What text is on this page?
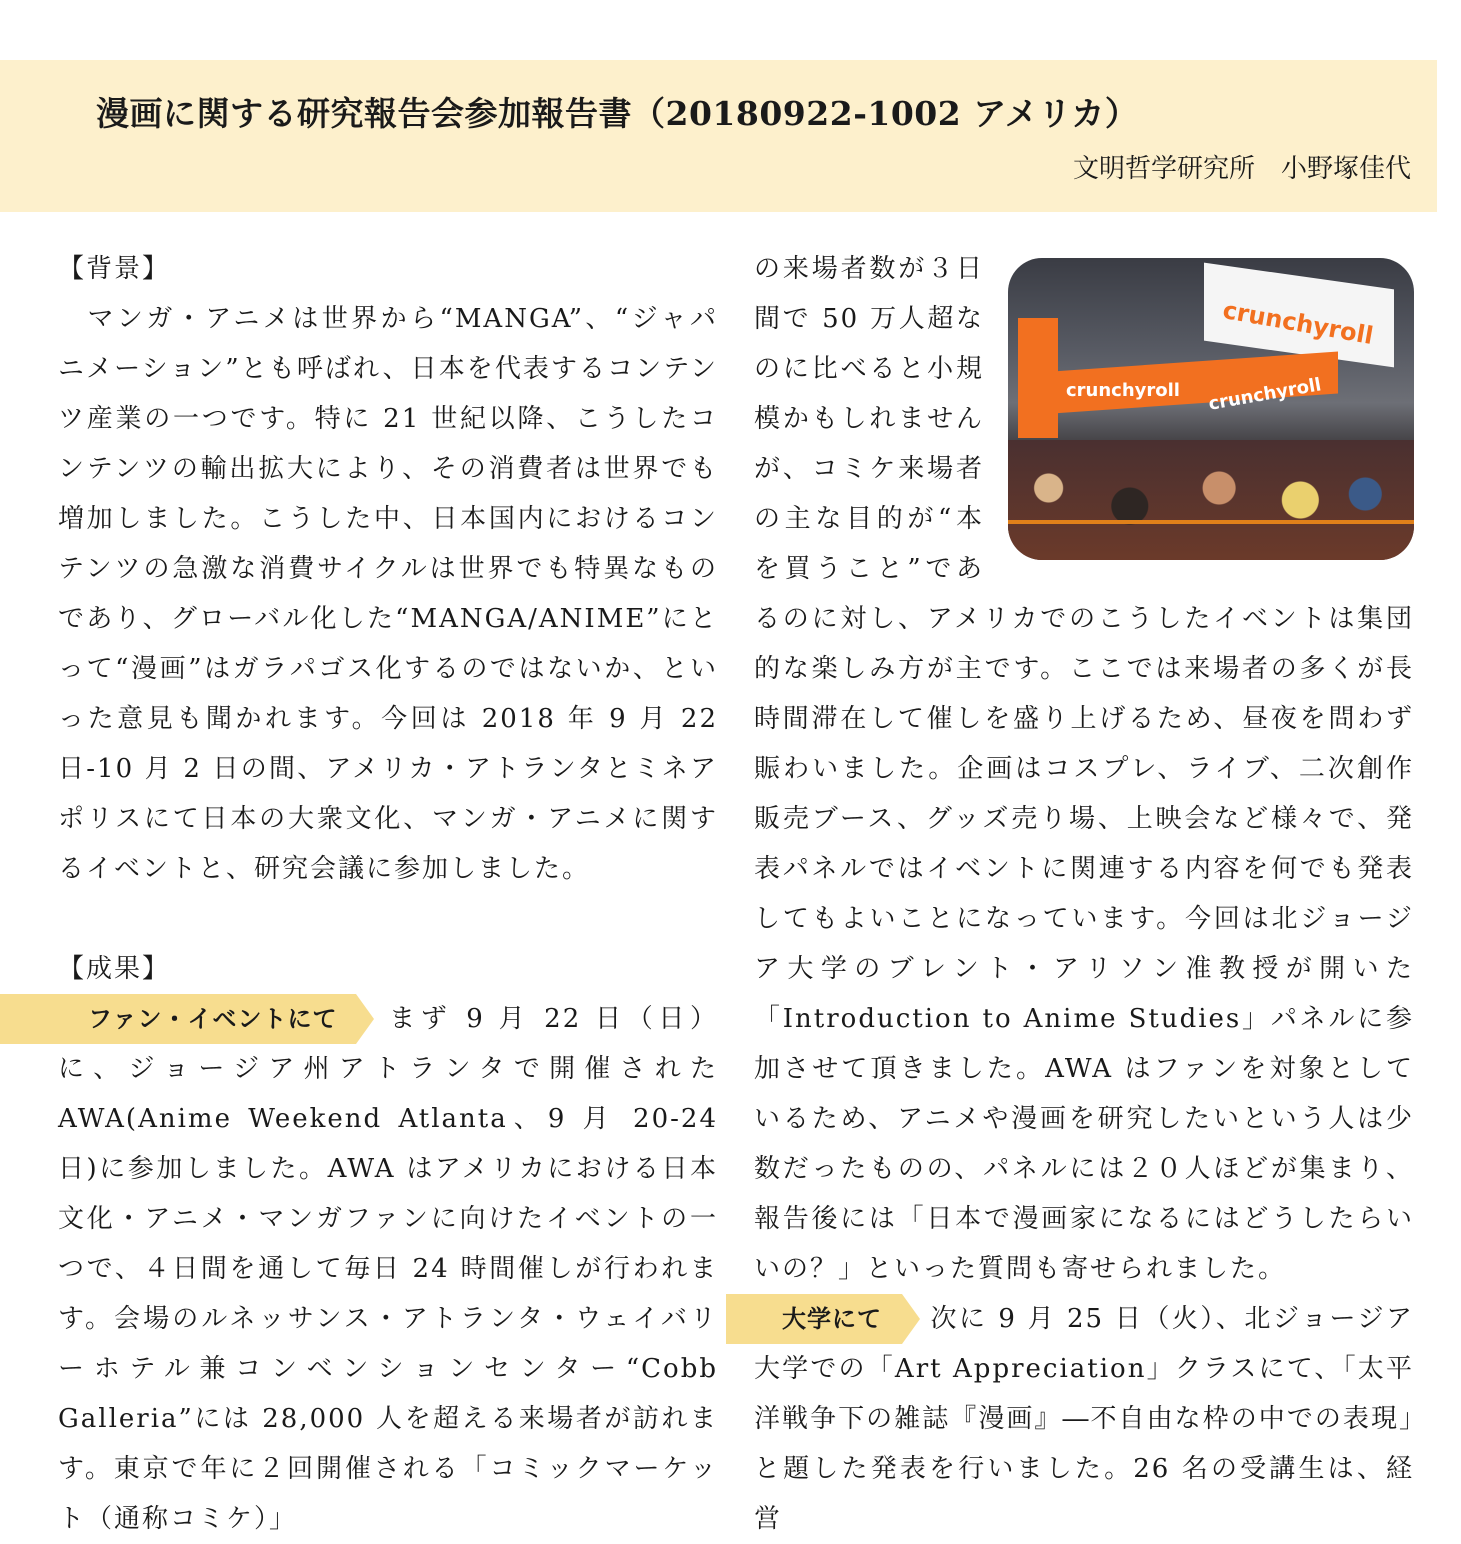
漫画に関する研究報告会参加報告書（20180922-1002 アメリカ）
文明哲学研究所　小野塚佳代

【背景】

　マンガ・アニメは世界から“MANGA”、“ジャパニメーション”とも呼ばれ、日本を代表するコンテンツ産業の一つです。特に 21 世紀以降、こうしたコンテンツの輸出拡大により、その消費者は世界でも増加しました。こうした中、日本国内におけるコンテンツの急激な消費サイクルは世界でも特異なものであり、グローバル化した“MANGA/ANIME”にとって“漫画”はガラパゴス化するのではないか、といった意見も聞かれます。今回は 2018 年 9 月 22 日-10 月 2 日の間、アメリカ・アトランタとミネアポリスにて日本の大衆文化、マンガ・アニメに関するイベントと、研究会議に参加しました。

【成果】

ファン・イベントにて まず 9 月 22 日（日）に、ジョージア州アトランタで開催された AWA(Anime Weekend Atlanta、9 月 20-24 日)に参加しました。AWA はアメリカにおける日本文化・アニメ・マンガファンに向けたイベントの一つで、４日間を通して毎日 24 時間催しが行われます。会場のルネッサンス・アトランタ・ウェイバリーホテル兼コンベンションセンター“Cobb Galleria”には 28,000 人を超える来場者が訪れます。東京で年に２回開催される「コミックマーケット（通称コミケ）」

crunchyroll
crunchyroll crunchyroll

の来場者数が３日間で 50 万人超なのに比べると小規模かもしれませんが、コミケ来場者の主な目的が“本を買うこと”であるのに対し、アメリカでのこうしたイベントは集団的な楽しみ方が主です。ここでは来場者の多くが長時間滞在して催しを盛り上げるため、昼夜を問わず賑わいました。企画はコスプレ、ライブ、二次創作販売ブース、グッズ売り場、上映会など様々で、発表パネルではイベントに関連する内容を何でも発表してもよいことになっています。今回は北ジョージア大学のブレント・アリソン准教授が開いた「Introduction to Anime Studies」パネルに参加させて頂きました。AWA はファンを対象としているため、アニメや漫画を研究したいという人は少数だったものの、パネルには２０人ほどが集まり、報告後には「日本で漫画家になるにはどうしたらいいの？」といった質問も寄せられました。

大学にて 次に 9 月 25 日（火）、北ジョージア大学での「Art Appreciation」クラスにて、「太平洋戦争下の雑誌『漫画』―不自由な枠の中での表現」と題した発表を行いました。26 名の受講生は、経営
